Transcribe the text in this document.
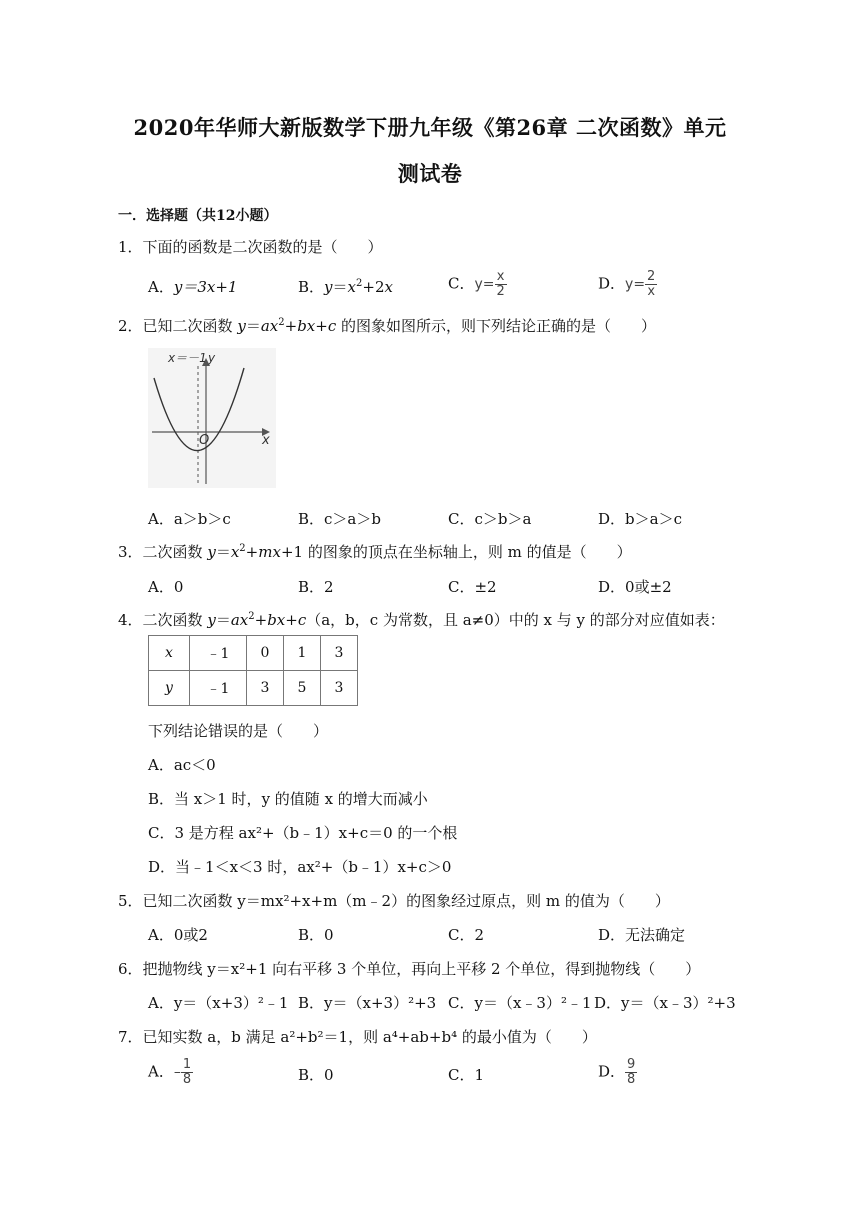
2020年华师大新版数学下册九年级《第26章 二次函数》单元
测试卷
一．选择题（共12小题）
1．下面的函数是二次函数的是（　　）
A．y＝3x+1	B．$y=x^2+2x$	C．$y= \frac{x}{2}$	D．$y= \frac{2}{x}$
2．已知二次函数 $y=ax^2+bx+c$ 的图象如图所示，则下列结论正确的是（　　）
x＝－1 y
x
O
A．a＞b＞c	B．c＞a＞b	C．c＞b＞a	D．b＞a＞c
3．二次函数 $y=x^2+mx+1$ 的图象的顶点在坐标轴上，则 m 的值是（　　）
A．0	B．2	C．±2	D．0或±2
4．二次函数 $y=ax^2+bx+c(a$，b，c 为常数，且 a≠0）中的 x 与 y 的部分对应值如表：
x	﹣1	0	1	3
y	﹣1	3	5	3
下列结论错误的是（　　）
A．ac＜0
B．当 x＞1 时，y 的值随 x 的增大而减小
C．3 是方程 ax²+（b﹣1）x+c＝0 的一个根
D．当﹣1＜x＜3 时，ax²+（b﹣1）x+c＞0
5．已知二次函数 y＝mx²+x+m（m﹣2）的图象经过原点，则 m 的值为（　　）
A．0或2	B．0	C．2	D．无法确定
6．把抛物线 y＝x²+1 向右平移 3 个单位，再向上平移 2 个单位，得到抛物线（　　）
A．y＝（x+3）²﹣1 B．y＝（x+3）²+3 C．y＝（x﹣3）²﹣1 D．y＝（x﹣3）²+3
7．已知实数 a，b 满足 a²+b²＝1，则 a⁴+ab+b⁴ 的最小值为（　　）
A．– $\frac{1}{8}$	B．0	C．1	D． $\frac{9}{8}$
